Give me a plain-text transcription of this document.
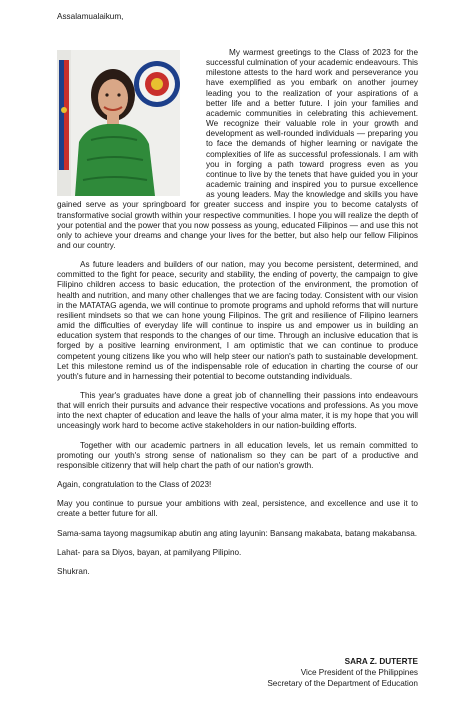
Assalamualaikum,

My warmest greetings to the Class of 2023 for the successful culmination of your academic endeavours. This milestone attests to the hard work and perseverance you have exemplified as you embark on another journey leading you to the realization of your aspirations of a better life and a better future. I join your families and academic communities in celebrating this achievement. We recognize their valuable role in your growth and development as well-rounded individuals — preparing you to face the demands of higher learning or navigate the complexities of life as successful professionals. I am with you in forging a path toward progress even as you continue to live by the tenets that have guided you in your academic training and inspired you to pursue excellence as young leaders. May the knowledge and skills you have gained serve as your springboard for greater success and inspire you to become catalysts of transformative social growth within your respective communities. I hope you will realize the depth of your potential and the power that you now possess as young, educated Filipinos — and use this not only to achieve your dreams and change your lives for the better, but also help our fellow Filipinos and our country.

As future leaders and builders of our nation, may you become persistent, determined, and committed to the fight for peace, security and stability, the ending of poverty, the campaign to give Filipino children access to basic education, the protection of the environment, the promotion of health and nutrition, and many other challenges that we are facing today. Consistent with our vision in the MATATAG agenda, we will continue to promote programs and uphold reforms that will nurture resilient mindsets so that we can hone young Filipinos. The grit and resilience of Filipino learners amid the difficulties of everyday life will continue to inspire us and empower us in building an education system that responds to the changes of our time. Through an inclusive education that is forged by a positive learning environment, I am optimistic that we can continue to produce competent young citizens like you who will help steer our nation's path to sustainable development. Let this milestone remind us of the indispensable role of education in charting the course of our youth's future and in harnessing their potential to become outstanding individuals.

This year's graduates have done a great job of channelling their passions into endeavours that will enrich their pursuits and advance their respective vocations and professions. As you move into the next chapter of education and leave the halls of your alma mater, it is my hope that you will unceasingly work hard to become active stakeholders in our nation-building efforts.

Together with our academic partners in all education levels, let us remain committed to promoting our youth's strong sense of nationalism so they can be part of a productive and responsible citizenry that will help chart the path of our nation's growth.

Again, congratulation to the Class of 2023!

May you continue to pursue your ambitions with zeal, persistence, and excellence and use it to create a better future for all.

Sama-sama tayong magsumikap abutin ang ating layunin: Bansang makabata, batang makabansa.

Lahat- para sa Diyos, bayan, at pamilyang Pilipino.

Shukran.

SARA Z. DUTERTE
Vice President of the Philippines
Secretary of the Department of Education
